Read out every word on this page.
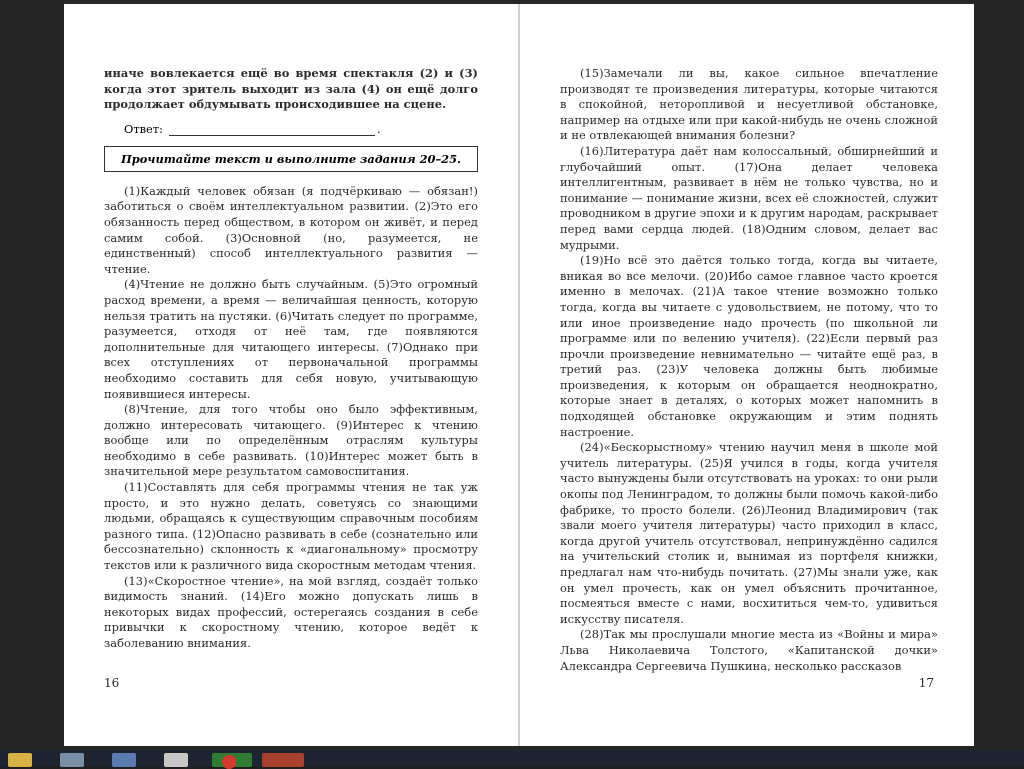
иначе вовлекается ещё во время спектакля (2) и (3) когда этот зритель выходит из зала (4) он ещё долго продолжает обдумывать происходившее на сцене.

Ответ:	.
Прочитайте текст и выполните задания 20–25.

(1)Каждый человек обязан (я подчёркиваю — обязан!) заботиться о своём интеллектуальном развитии. (2)Это его обязанность перед обществом, в котором он живёт, и перед самим собой. (3)Основной (но, разумеется, не единственный) способ интеллектуального развития — чтение.

(4)Чтение не должно быть случайным. (5)Это огромный расход времени, а время — величайшая ценность, которую нельзя тратить на пустяки. (6)Читать следует по программе, разумеется, отходя от неё там, где появляются дополнительные для читающего интересы. (7)Однако при всех отступлениях от первоначальной программы необходимо составить для себя новую, учитывающую появившиеся интересы.

(8)Чтение, для того чтобы оно было эффективным, должно интересовать читающего. (9)Интерес к чтению вообще или по определённым отраслям культуры необходимо в себе развивать. (10)Интерес может быть в значительной мере результатом самовоспитания.

(11)Составлять для себя программы чтения не так уж просто, и это нужно делать, советуясь со знающими людьми, обращаясь к существующим справочным пособиям разного типа. (12)Опасно развивать в себе (сознательно или бессознательно) склонность к «диагональному» просмотру текстов или к различного вида скоростным методам чтения.

(13)«Скоростное чтение», на мой взгляд, создаёт только видимость знаний. (14)Его можно допускать лишь в некоторых видах профессий, остерегаясь создания в себе привычки к скоростному чтению, которое ведёт к заболеванию внимания.

16

(15)Замечали ли вы, какое сильное впечатление производят те произведения литературы, которые читаются в спокойной, неторопливой и несуетливой обстановке, например на отдыхе или при какой-нибудь не очень сложной и не отвлекающей внимания болезни?

(16)Литература даёт нам колоссальный, обширнейший и глубочайший опыт. (17)Она делает человека интеллигентным, развивает в нём не только чувства, но и понимание — понимание жизни, всех её сложностей, служит проводником в другие эпохи и к другим народам, раскрывает перед вами сердца людей. (18)Одним словом, делает вас мудрыми.

(19)Но всё это даётся только тогда, когда вы читаете, вникая во все мелочи. (20)Ибо самое главное часто кроется именно в мелочах. (21)А такое чтение возможно только тогда, когда вы читаете с удовольствием, не потому, что то или иное произведение надо прочесть (по школьной ли программе или по велению учителя). (22)Если первый раз прочли произведение невнимательно — читайте ещё раз, в третий раз. (23)У человека должны быть любимые произведения, к которым он обращается неоднократно, которые знает в деталях, о которых может напомнить в подходящей обстановке окружающим и этим поднять настроение.

(24)«Бескорыстному» чтению научил меня в школе мой учитель литературы. (25)Я учился в годы, когда учителя часто вынуждены были отсутствовать на уроках: то они рыли окопы под Ленинградом, то должны были помочь какой-либо фабрике, то просто болели. (26)Леонид Владимирович (так звали моего учителя литературы) часто приходил в класс, когда другой учитель отсутствовал, непринуждённо садился на учительский столик и, вынимая из портфеля книжки, предлагал нам что-нибудь почитать. (27)Мы знали уже, как он умел прочесть, как он умел объяснить прочитанное, посмеяться вместе с нами, восхититься чем-то, удивиться искусству писателя.

(28)Так мы прослушали многие места из «Войны и мира» Льва Николаевича Толстого, «Капитанской дочки» Александра Сергеевича Пушкина, несколько рассказов

17
